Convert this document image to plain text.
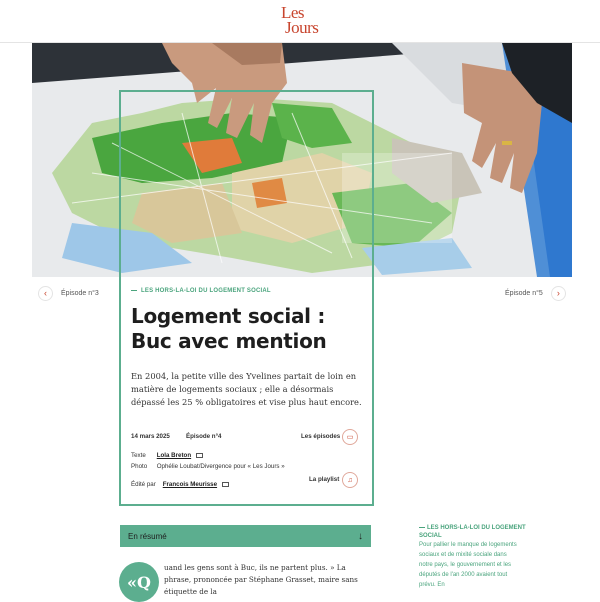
Les
Jours
‹	Épisode n°3	Épisode n°5	›
LES HORS-LA-LOI DU LOGEMENT SOCIAL
Logement social : Buc avec mention

En 2004, la petite ville des Yvelines partait de loin en matière de logements sociaux ; elle a désormais dépassé les 25 % obligatoires et vise plus haut encore.

14 mars 2025	Épisode n°4	Les épisodes ▭
Texte Lola Breton
Photo Ophélie Loubat/Divergence pour « Les Jours »
Édité par Francois Meurisse
La playlist	♫
En résumé	↓
«Q

uand les gens sont à Buc, ils ne partent plus. » La phrase, prononcée par Stéphane Grasset, maire sans étiquette de la

LES HORS-LA-LOI DU LOGEMENT SOCIAL

Pour pallier le manque de logements sociaux et de mixité sociale dans notre pays, le gouvernement et les députés de l'an 2000 avaient tout prévu. En
